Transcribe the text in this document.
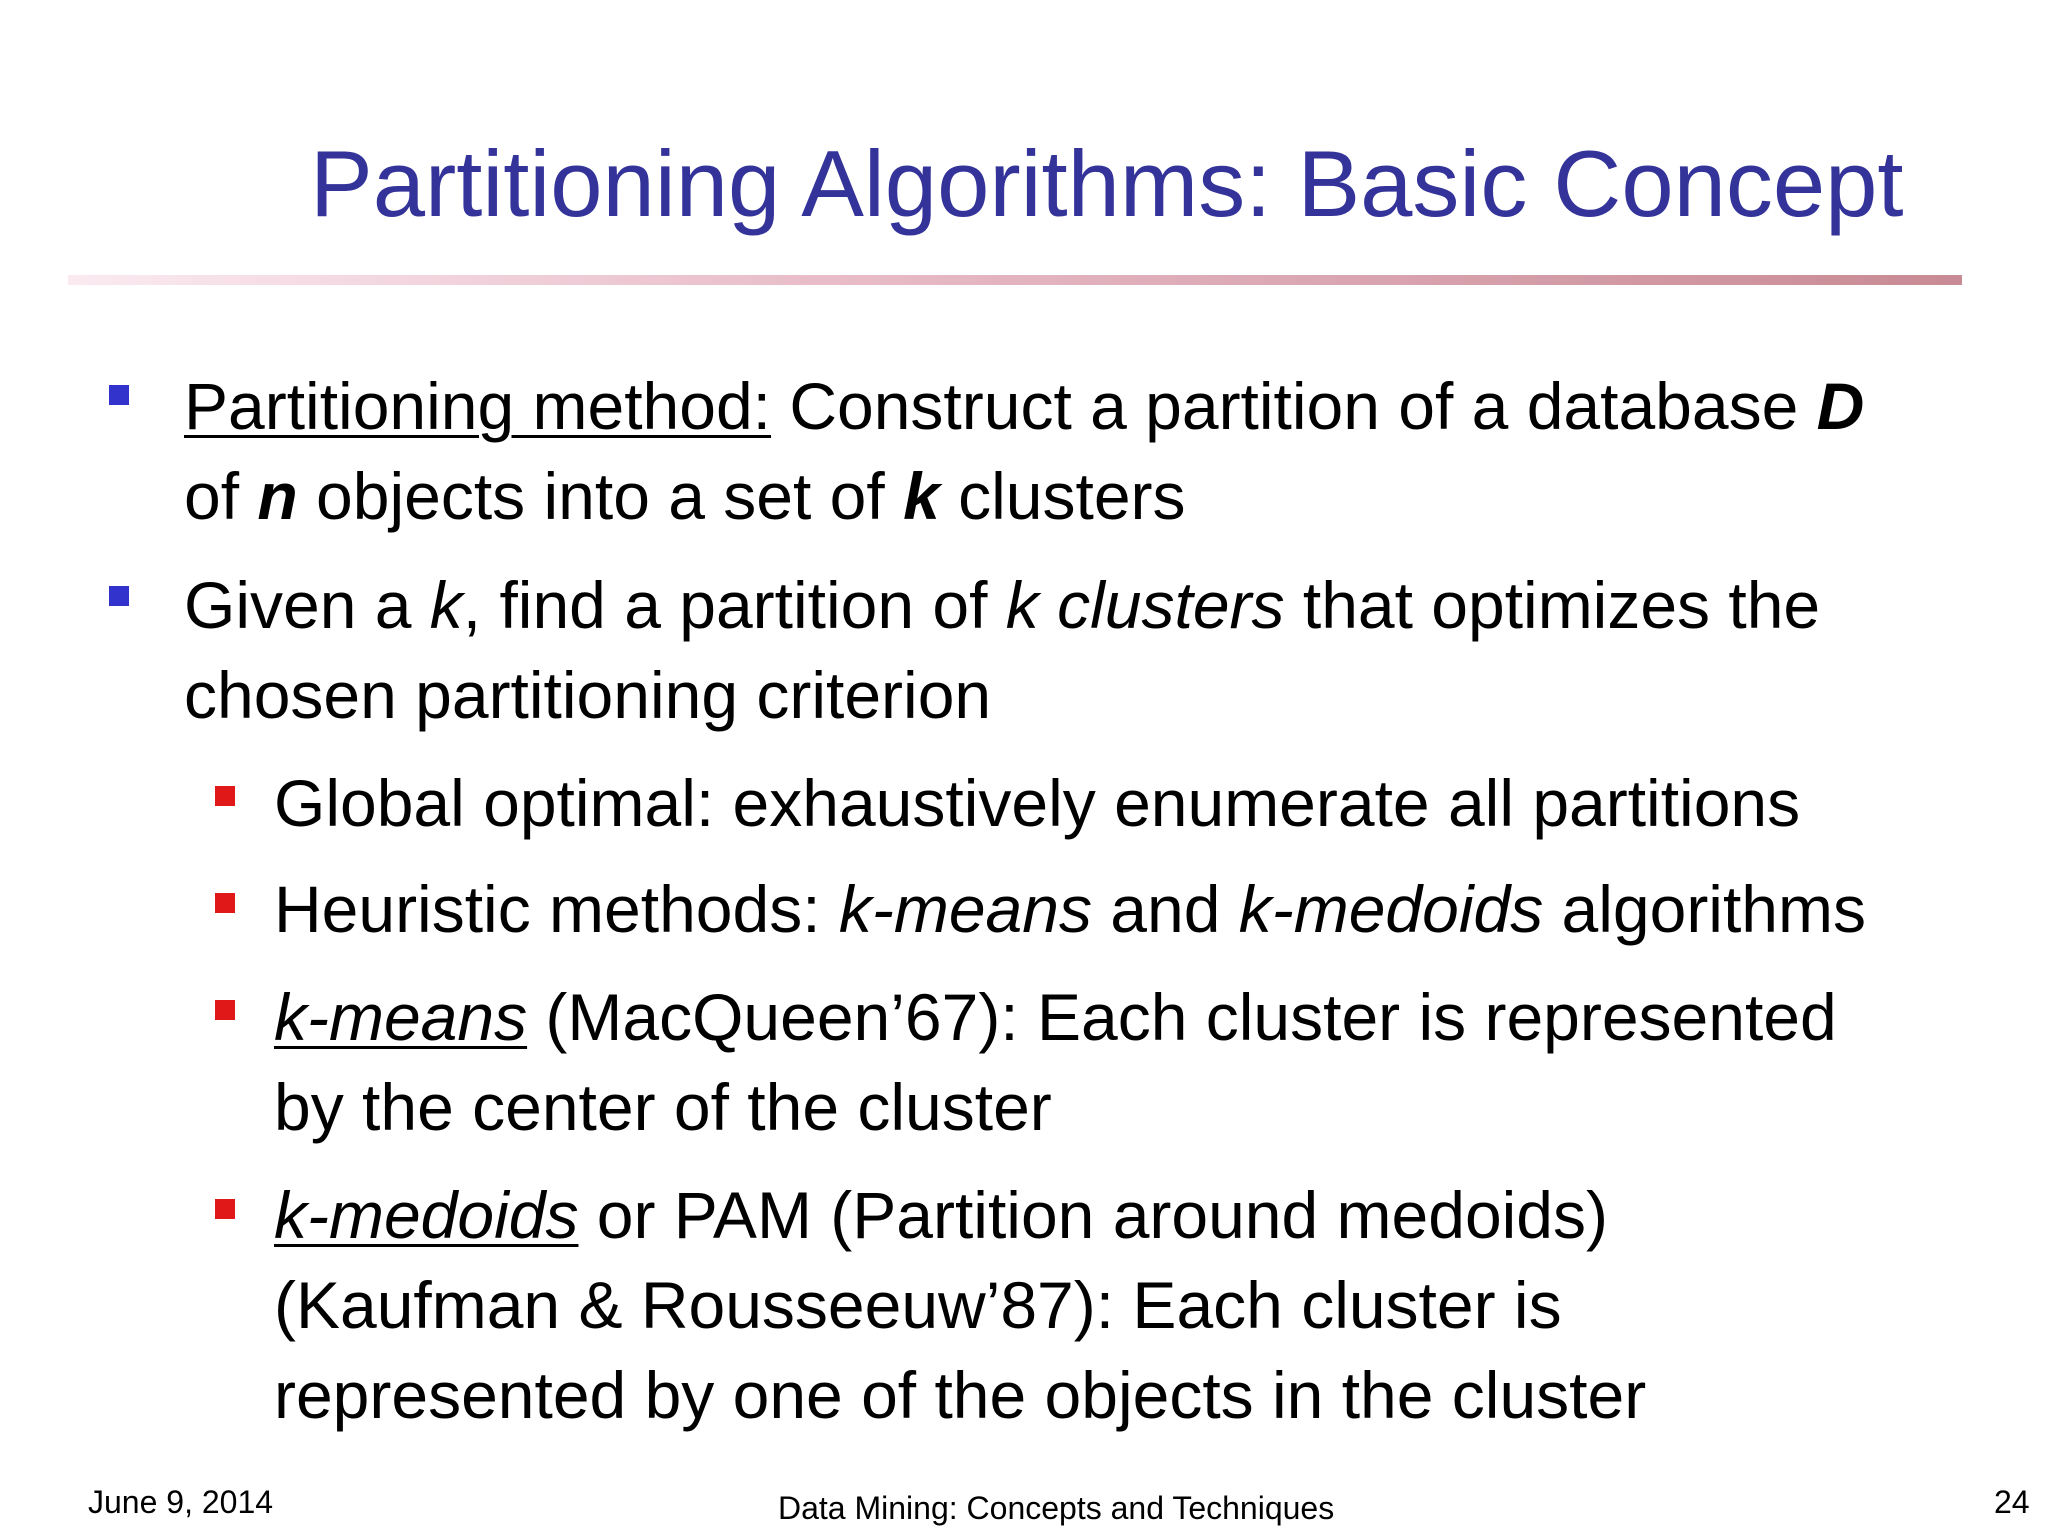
Partitioning Algorithms: Basic Concept
Partitioning method: Construct a partition of a database D
of n objects into a set of k clusters
Given a k, find a partition of k clusters that optimizes the
chosen partitioning criterion
Global optimal: exhaustively enumerate all partitions
Heuristic methods: k-means and k-medoids algorithms
k-means (MacQueen’67): Each cluster is represented
by the center of the cluster
k-medoids or PAM (Partition around medoids)
(Kaufman & Rousseeuw’87): Each cluster is
represented by one of the objects in the cluster
June 9, 2014	Data Mining: Concepts and Techniques	24
